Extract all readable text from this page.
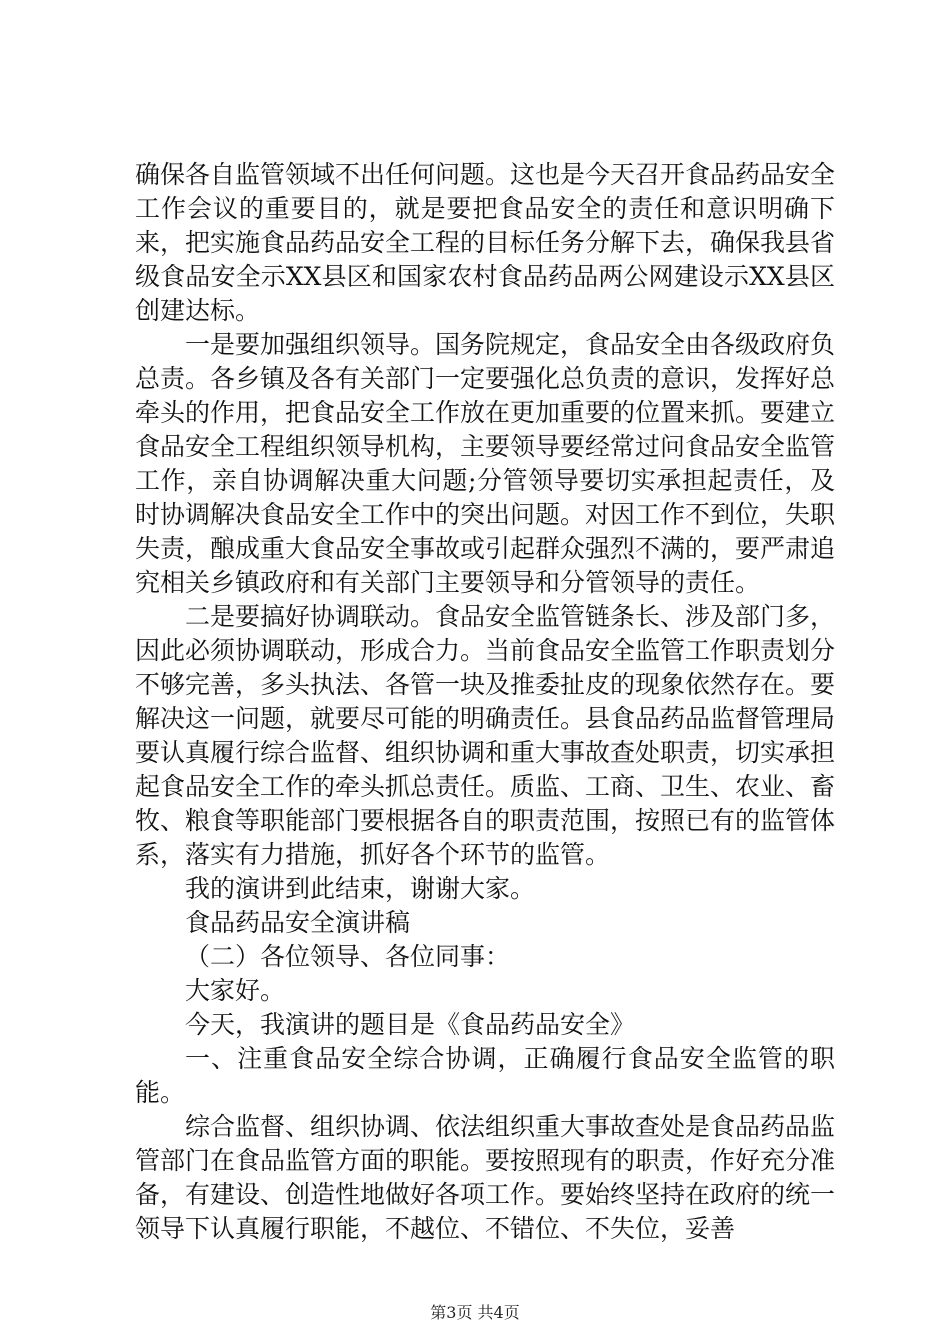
确保各自监管领域不出任何问题。这也是今天召开食品药品安全工作会议的重要目的，就是要把食品安全的责任和意识明确下来，把实施食品药品安全工程的目标任务分解下去，确保我县省级食品安全示XX县区和国家农村食品药品两公网建设示XX县区创建达标。

一是要加强组织领导。国务院规定，食品安全由各级政府负总责。各乡镇及各有关部门一定要强化总负责的意识，发挥好总牵头的作用，把食品安全工作放在更加重要的位置来抓。要建立食品安全工程组织领导机构，主要领导要经常过问食品安全监管工作，亲自协调解决重大问题;分管领导要切实承担起责任，及时协调解决食品安全工作中的突出问题。对因工作不到位，失职失责，酿成重大食品安全事故或引起群众强烈不满的，要严肃追究相关乡镇政府和有关部门主要领导和分管领导的责任。

二是要搞好协调联动。食品安全监管链条长、涉及部门多，因此必须协调联动，形成合力。当前食品安全监管工作职责划分不够完善，多头执法、各管一块及推委扯皮的现象依然存在。要解决这一问题，就要尽可能的明确责任。县食品药品监督管理局要认真履行综合监督、组织协调和重大事故查处职责，切实承担起食品安全工作的牵头抓总责任。质监、工商、卫生、农业、畜牧、粮食等职能部门要根据各自的职责范围，按照已有的监管体系，落实有力措施，抓好各个环节的监管。

我的演讲到此结束，谢谢大家。

食品药品安全演讲稿

（二）各位领导、各位同事：

大家好。

今天，我演讲的题目是《食品药品安全》

一、注重食品安全综合协调，正确履行食品安全监管的职能。

综合监督、组织协调、依法组织重大事故查处是食品药品监管部门在食品监管方面的职能。要按照现有的职责，作好充分准备，有建设、创造性地做好各项工作。要始终坚持在政府的统一领导下认真履行职能，不越位、不错位、不失位，妥善

第3页 共4页
